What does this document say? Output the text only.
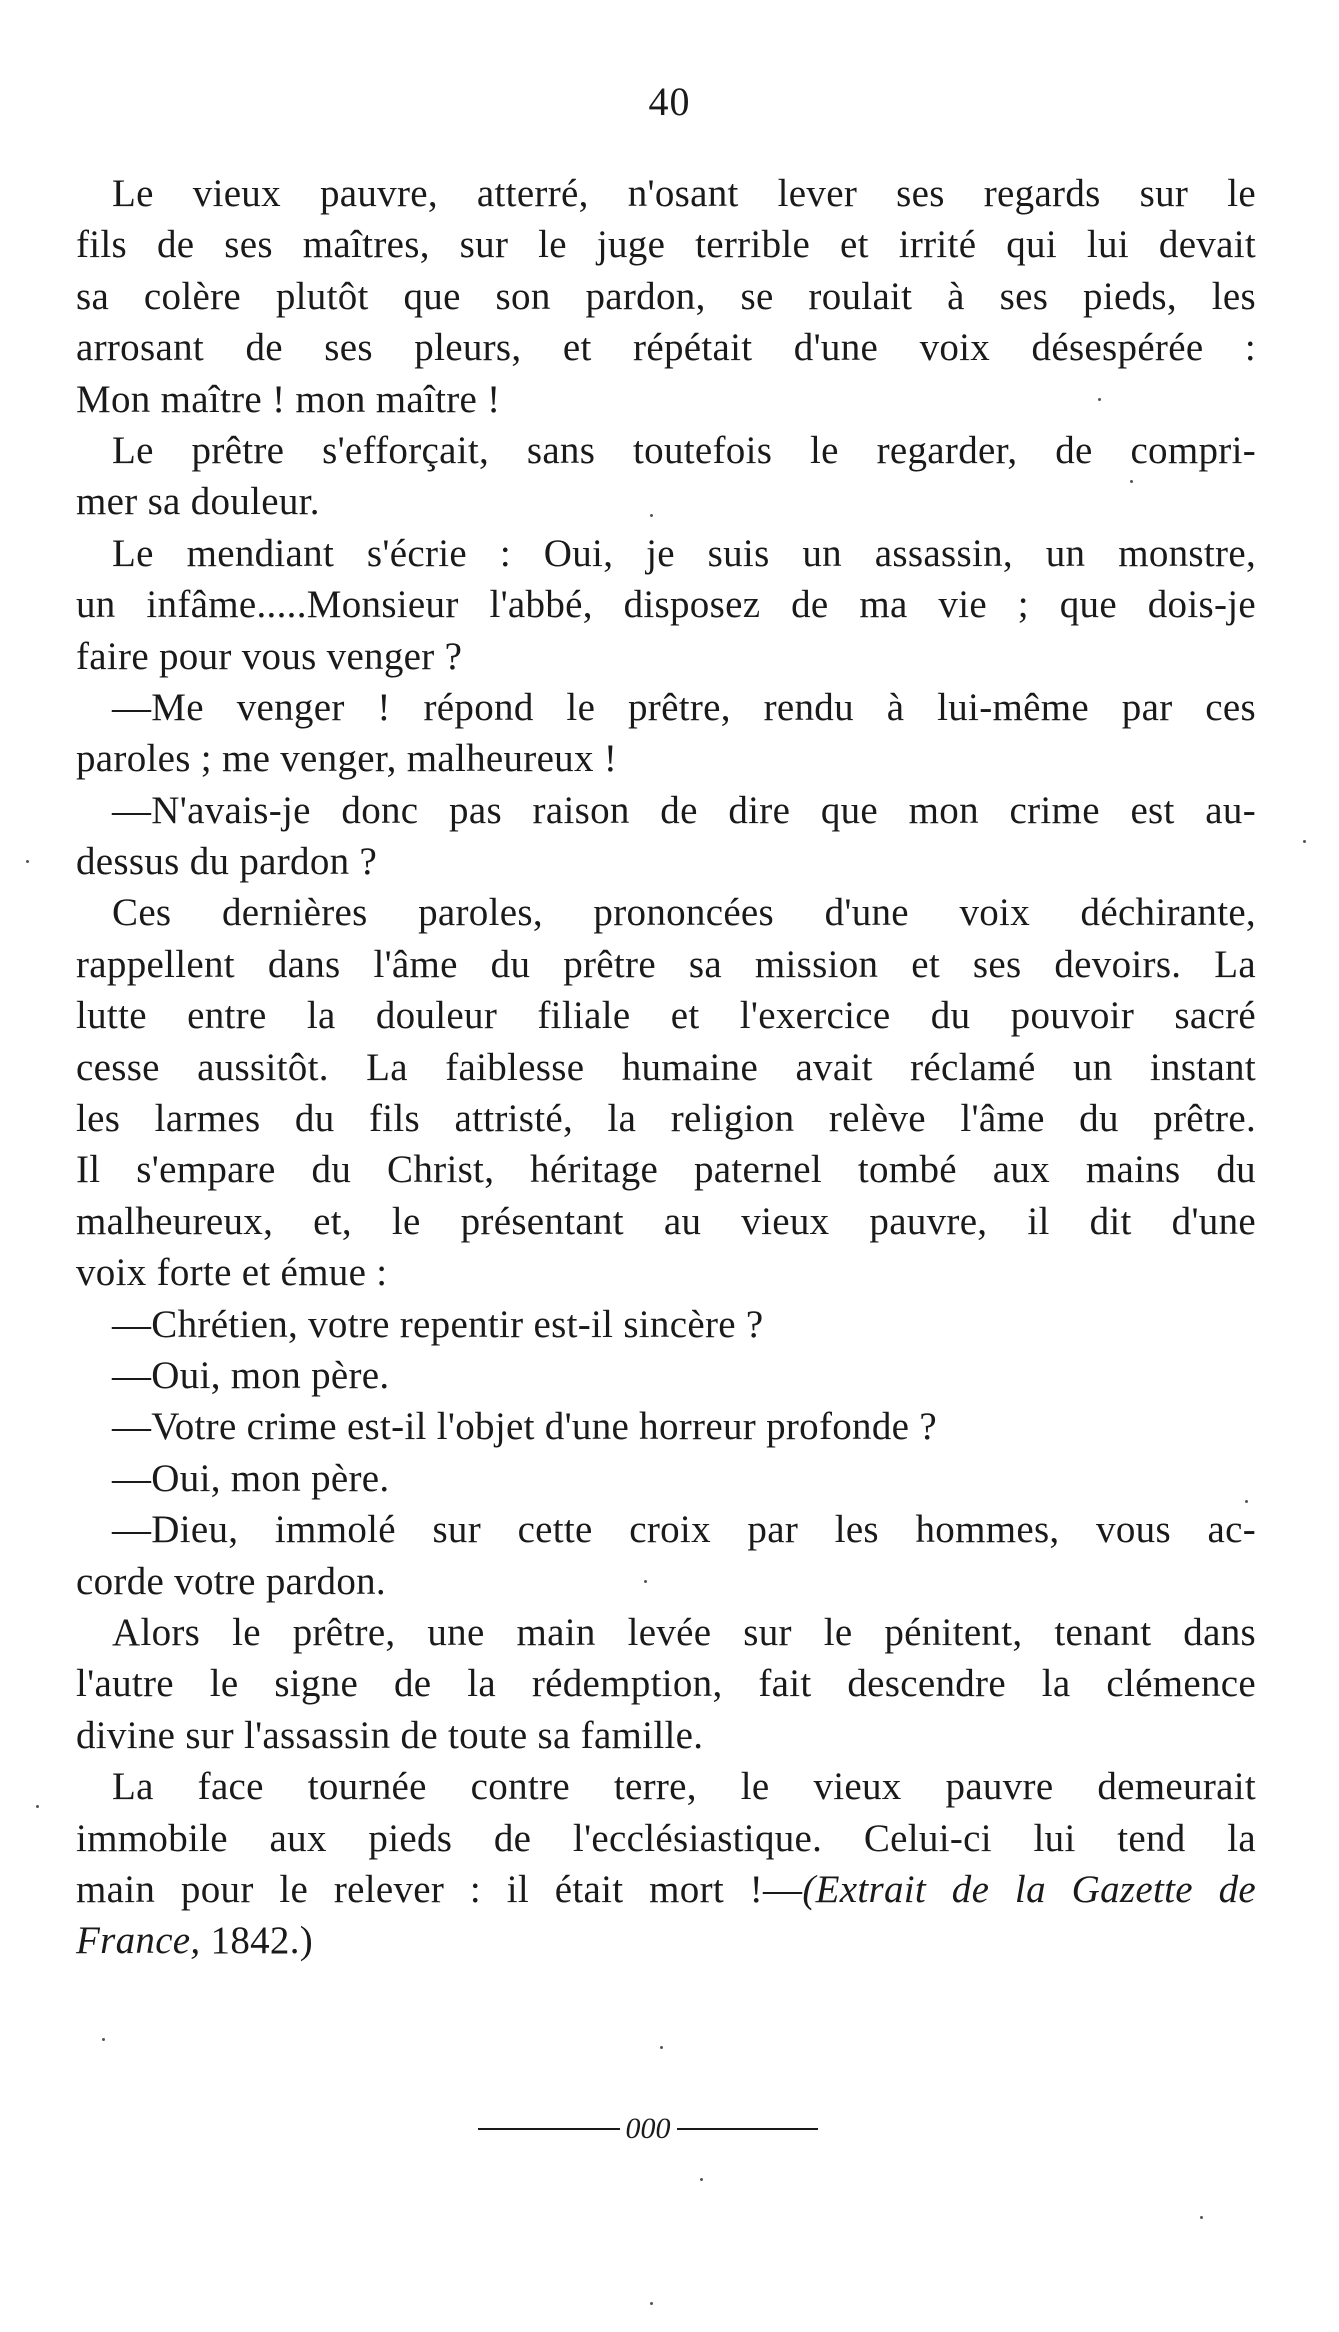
40
Le vieux pauvre, atterré, n'osant lever ses regards sur le
fils de ses maîtres, sur le juge terrible et irrité qui lui devait
sa colère plutôt que son pardon, se roulait à ses pieds, les
arrosant de ses pleurs, et répétait d'une voix désespérée :
Mon maître ! mon maître !
Le prêtre s'efforçait, sans toutefois le regarder, de compri-
mer sa douleur.
Le mendiant s'écrie : Oui, je suis un assassin, un monstre,
un infâme.....Monsieur l'abbé, disposez de ma vie ; que dois-je
faire pour vous venger ?
—Me venger ! répond le prêtre, rendu à lui-même par ces
paroles ; me venger, malheureux !
—N'avais-je donc pas raison de dire que mon crime est au-
dessus du pardon ?
Ces dernières paroles, prononcées d'une voix déchirante,
rappellent dans l'âme du prêtre sa mission et ses devoirs. La
lutte entre la douleur filiale et l'exercice du pouvoir sacré
cesse aussitôt. La faiblesse humaine avait réclamé un instant
les larmes du fils attristé, la religion relève l'âme du prêtre.
Il s'empare du Christ, héritage paternel tombé aux mains du
malheureux, et, le présentant au vieux pauvre, il dit d'une
voix forte et émue :
—Chrétien, votre repentir est-il sincère ?
—Oui, mon père.
—Votre crime est-il l'objet d'une horreur profonde ?
—Oui, mon père.
—Dieu, immolé sur cette croix par les hommes, vous ac-
corde votre pardon.
Alors le prêtre, une main levée sur le pénitent, tenant dans
l'autre le signe de la rédemption, fait descendre la clémence
divine sur l'assassin de toute sa famille.
La face tournée contre terre, le vieux pauvre demeurait
immobile aux pieds de l'ecclésiastique. Celui-ci lui tend la
main pour le relever : il était mort !—(Extrait de la Gazette de
France, 1842.)
000
